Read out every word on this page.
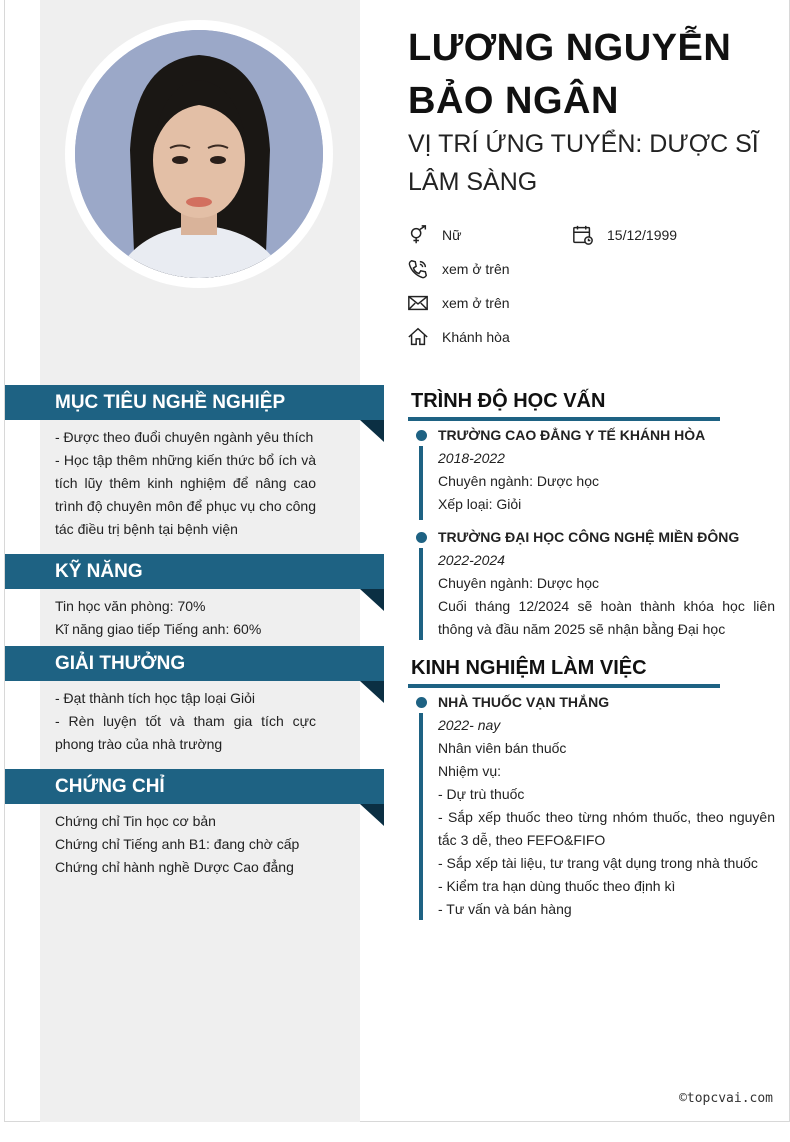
LƯƠNG NGUYỄN
BẢO NGÂN
VỊ TRÍ ỨNG TUYỂN: DƯỢC SĨ
LÂM SÀNG
Nữ	15/12/1999
xem ở trên
xem ở trên
Khánh hòa
MỤC TIÊU NGHỀ NGHIỆP
- Được theo đuổi chuyên ngành yêu thích
- Học tập thêm những kiến thức bổ ích và tích lũy thêm kinh nghiệm để nâng cao trình độ chuyên môn để phục vụ cho công tác điều trị bệnh tại bệnh viện
KỸ NĂNG
Tin học văn phòng: 70%
Kĩ năng giao tiếp Tiếng anh: 60%
GIẢI THƯỞNG
- Đạt thành tích học tập loại Giỏi
- Rèn luyện tốt và tham gia tích cực phong trào của nhà trường
CHỨNG CHỈ
Chứng chỉ Tin học cơ bản
Chứng chỉ Tiếng anh B1: đang chờ cấp
Chứng chỉ hành nghề Dược Cao đẳng
TRÌNH ĐỘ HỌC VẤN
TRƯỜNG CAO ĐẲNG Y TẾ KHÁNH HÒA
2018-2022
Chuyên ngành: Dược học
Xếp loại: Giỏi
TRƯỜNG ĐẠI HỌC CÔNG NGHỆ MIỀN ĐÔNG
2022-2024
Chuyên ngành: Dược học
Cuối tháng 12/2024 sẽ hoàn thành khóa học liên thông và đầu năm 2025 sẽ nhận bằng Đại học
KINH NGHIỆM LÀM VIỆC
NHÀ THUỐC VẠN THẮNG
2022- nay
Nhân viên bán thuốc
Nhiệm vụ:
- Dự trù thuốc
- Sắp xếp thuốc theo từng nhóm thuốc, theo nguyên tắc 3 dễ, theo FEFO&FIFO
- Sắp xếp tài liệu, tư trang vật dụng trong nhà thuốc
- Kiểm tra hạn dùng thuốc theo định kì
- Tư vấn và bán hàng
©topcvai.com
